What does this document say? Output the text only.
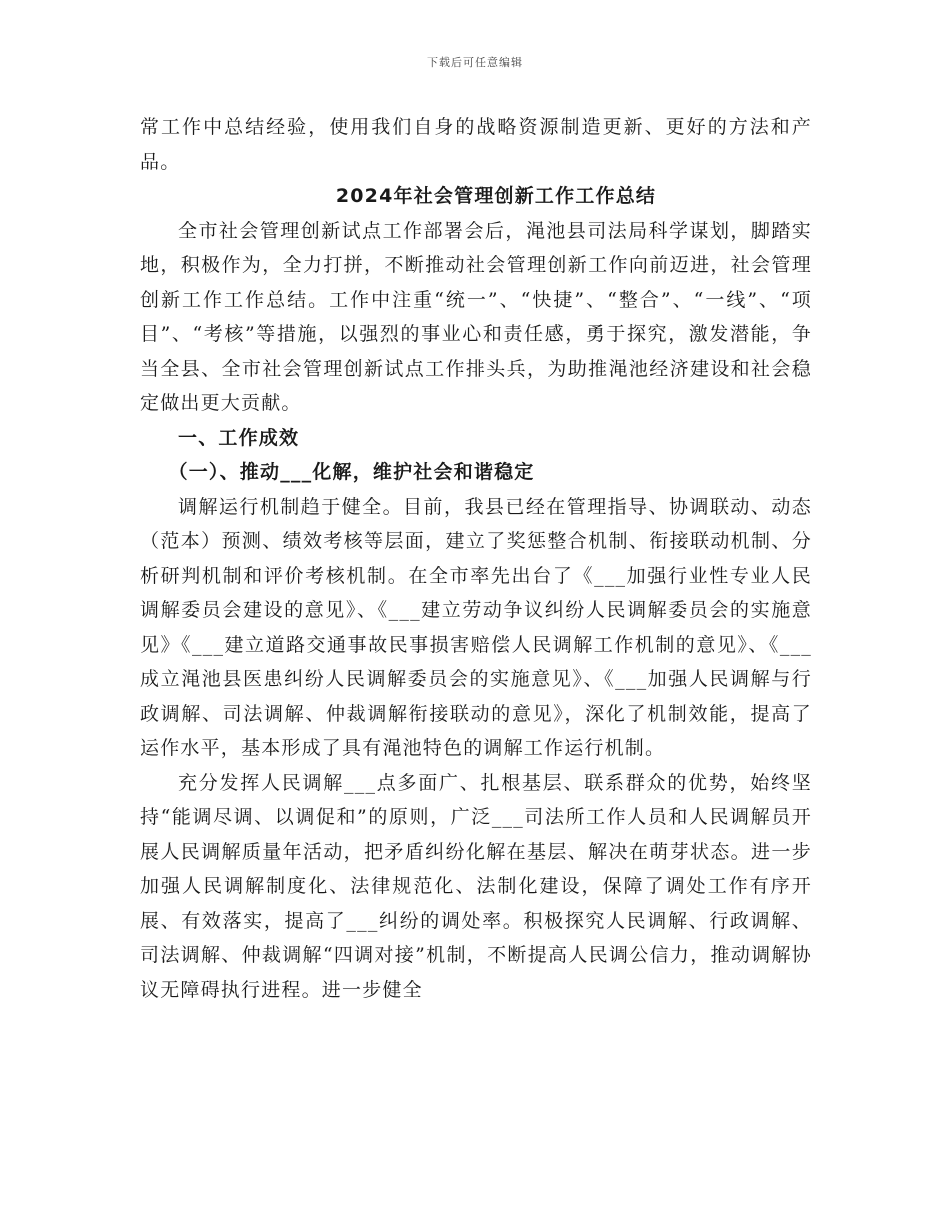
下载后可任意编辑

常工作中总结经验，使用我们自身的战略资源制造更新、更好的方法和产品。

2024年社会管理创新工作工作总结

全市社会管理创新试点工作部署会后，渑池县司法局科学谋划，脚踏实地，积极作为，全力打拼，不断推动社会管理创新工作向前迈进，社会管理创新工作工作总结。工作中注重“统一”、“快捷”、“整合”、“一线”、“项目”、“考核”等措施，以强烈的事业心和责任感，勇于探究，激发潜能，争当全县、全市社会管理创新试点工作排头兵，为助推渑池经济建设和社会稳定做出更大贡献。

一、工作成效

（一）、推动___化解，维护社会和谐稳定

调解运行机制趋于健全。目前，我县已经在管理指导、协调联动、动态（范本）预测、绩效考核等层面，建立了奖惩整合机制、衔接联动机制、分析研判机制和评价考核机制。在全市率先出台了《___加强行业性专业人民调解委员会建设的意见》、《___建立劳动争议纠纷人民调解委员会的实施意见》《___建立道路交通事故民事损害赔偿人民调解工作机制的意见》、《___成立渑池县医患纠纷人民调解委员会的实施意见》、《___加强人民调解与行政调解、司法调解、仲裁调解衔接联动的意见》，深化了机制效能，提高了运作水平，基本形成了具有渑池特色的调解工作运行机制。

充分发挥人民调解___点多面广、扎根基层、联系群众的优势，始终坚持“能调尽调、以调促和”的原则，广泛___司法所工作人员和人民调解员开展人民调解质量年活动，把矛盾纠纷化解在基层、解决在萌芽状态。进一步加强人民调解制度化、法律规范化、法制化建设，保障了调处工作有序开展、有效落实，提高了___纠纷的调处率。积极探究人民调解、行政调解、司法调解、仲裁调解“四调对接”机制，不断提高人民调公信力，推动调解协议无障碍执行进程。进一步健全
